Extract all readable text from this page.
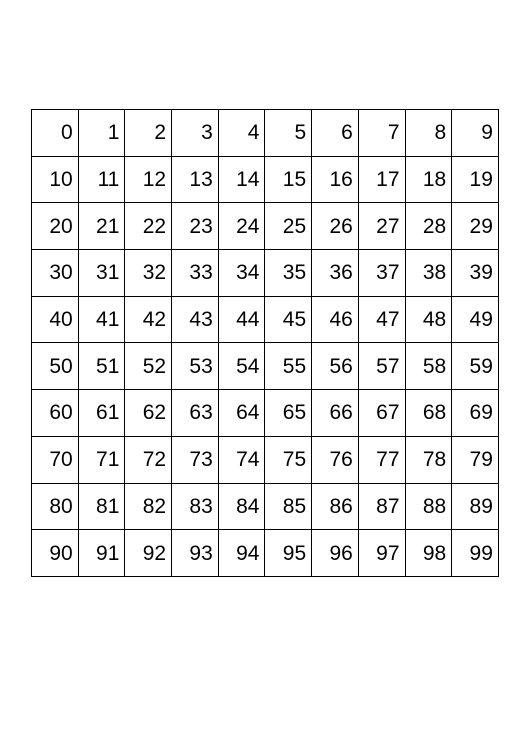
0	1	2	3	4	5	6	7	8	9
10	11	12	13	14	15	16	17	18	19
20	21	22	23	24	25	26	27	28	29
30	31	32	33	34	35	36	37	38	39
40	41	42	43	44	45	46	47	48	49
50	51	52	53	54	55	56	57	58	59
60	61	62	63	64	65	66	67	68	69
70	71	72	73	74	75	76	77	78	79
80	81	82	83	84	85	86	87	88	89
90	91	92	93	94	95	96	97	98	99
